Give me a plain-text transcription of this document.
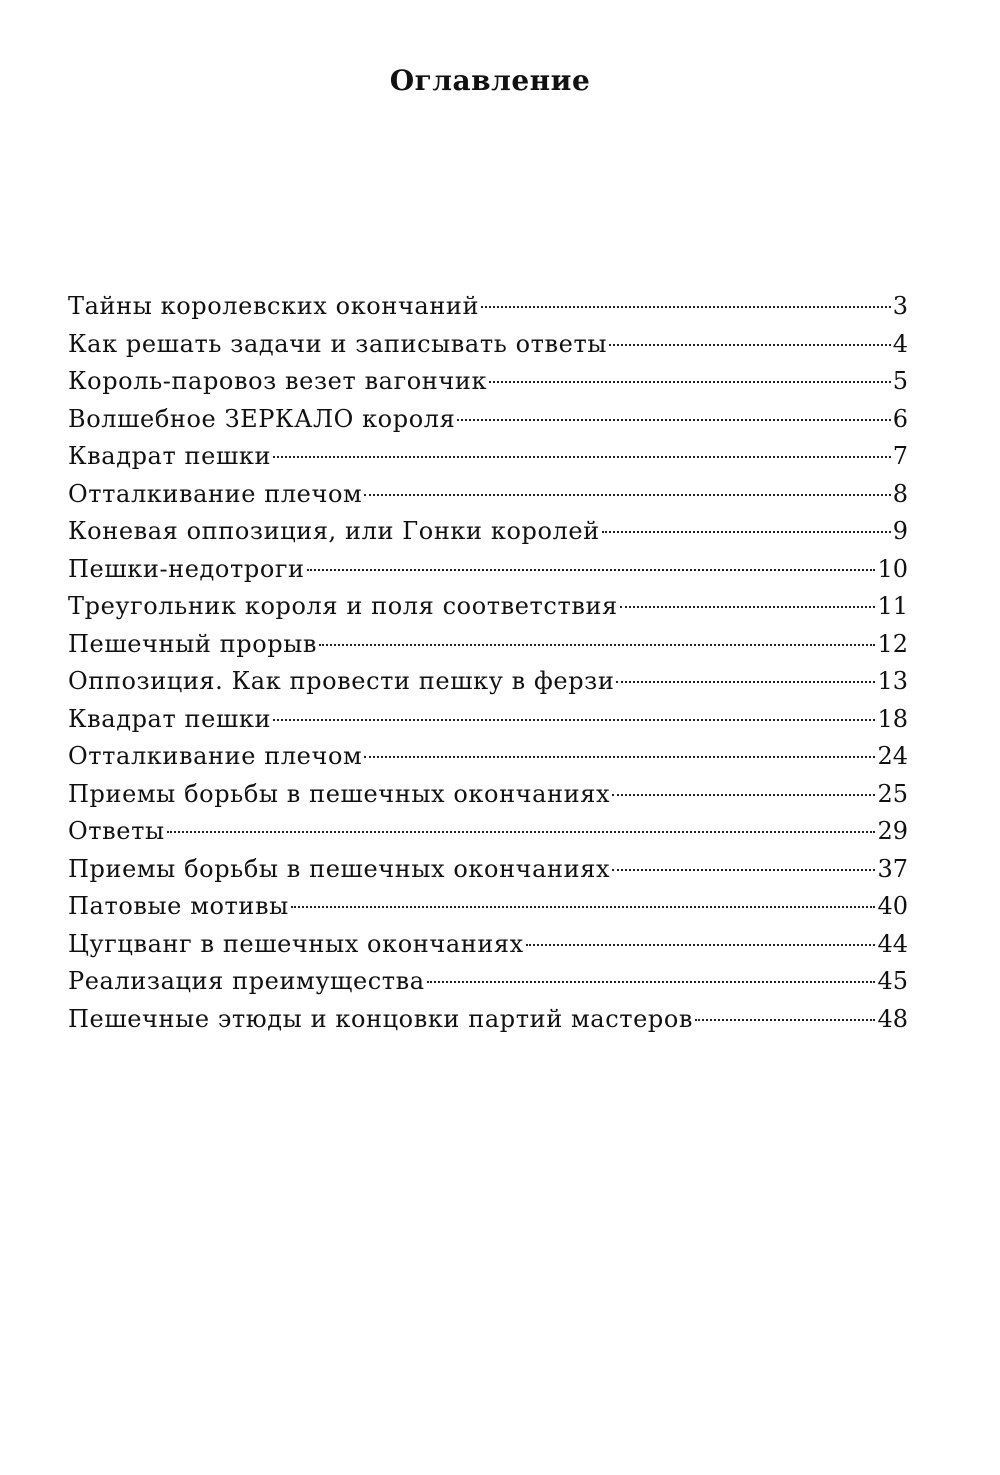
Оглавление
Тайны королевских окончаний	3
Как решать задачи и записывать ответы	4
Король-паровоз везет вагончик	5
Волшебное ЗЕРКАЛО короля	6
Квадрат пешки	7
Отталкивание плечом	8
Коневая оппозиция, или Гонки королей	9
Пешки-недотроги	10
Треугольник короля и поля соответствия	11
Пешечный прорыв	12
Оппозиция. Как провести пешку в ферзи	13
Квадрат пешки	18
Отталкивание плечом	24
Приемы борьбы в пешечных окончаниях	25
Ответы	29
Приемы борьбы в пешечных окончаниях	37
Патовые мотивы	40
Цугцванг в пешечных окончаниях	44
Реализация преимущества	45
Пешечные этюды и концовки партий мастеров	48
